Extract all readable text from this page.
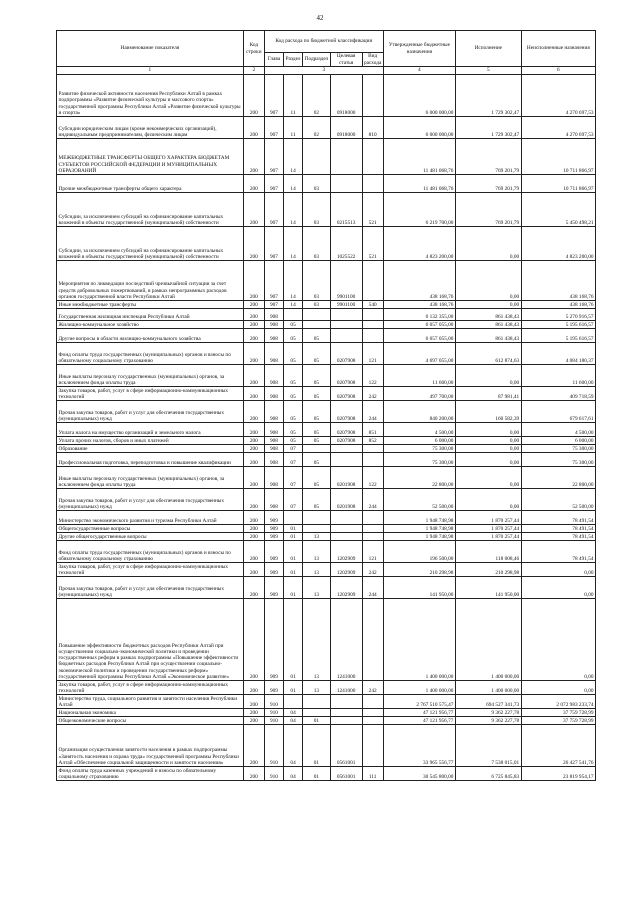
42
Наименование показателя	Код строки	Код расхода по бюджетной классификации					Утвержденные бюджетные назначения	Исполнение	Неисполненные назначения
		Глава	Раздел	Подраздел	Целевая статья	Вид расхода			
1	2	3					4	5	6
Развитие физической активности населения Республики Алтай в рамках подпрограммы «Развитие физической культуры и массового спорта» государственной программы Республики Алтай «Развитие физической культуры и спорта»	200	907	11	02	0918000		6 000 000,00	1 729 302,47	4 270 697,53
Субсидии юридическим лицам (кроме некоммерческих организаций), индивидуальным предпринимателям, физическим лицам	200	907	11	02	0918000	810	6 000 000,00	1 729 302,47	4 270 697,53
МЕЖБЮДЖЕТНЫЕ ТРАНСФЕРТЫ ОБЩЕГО ХАРАКТЕРА БЮДЖЕТАМ СУБЪЕКТОВ РОССИЙСКОЙ ФЕДЕРАЦИИ И МУНИЦИПАЛЬНЫХ ОБРАЗОВАНИЙ	200	907	14				11 481 068,76	769 201,79	10 711 866,97
Прочие межбюджетные трансферты общего характера	200	907	14	03			11 481 068,76	769 201,79	10 711 866,97
Субсидии, за исключением субсидий на софинансирование капитальных вложений в объекты государственной (муниципальной) собственности	200	907	14	03	0215513	521	6 219 700,00	769 201,79	5 450 498,21
Субсидии, за исключением субсидий на софинансирование капитальных вложений в объекты государственной (муниципальной) собственности	200	907	14	03	1025522	521	4 823 200,00	0,00	4 823 200,00
Мероприятия по ликвидации последствий чрезвычайной ситуации за счет средств добровольных пожертвований, в рамках непрограммных расходов органов государственной власти Республики Алтай	200	907	14	03	9901100		438 168,76	0,00	438 168,76
Иные межбюджетные трансферты	200	907	14	03	9901100	540	438 168,76	0,00	438 168,76
Государственная жилищная инспекция Республики Алтай	200	908					6 132 355,00	861 438,43	5 270 916,57
Жилищно-коммунальное хозяйство	200	908	05				6 057 055,00	861 438,43	5 195 616,57
Другие вопросы в области жилищно-коммунального хозяйства	200	908	05	05			6 057 055,00	861 438,43	5 195 616,57
Фонд оплаты труда государственных (муниципальных) органов и взносы по обязательному социальному страхованию	200	908	05	05	0207908	121	4 697 055,00	612 874,63	4 084 180,37
Иные выплаты персоналу государственных (муниципальных) органов, за исключением фонда оплаты труда	200	908	05	05	0207908	122	11 600,00	0,00	11 600,00
Закупка товаров, работ, услуг в сфере информационно-коммуникационных технологий	200	908	05	05	0207908	242	497 700,00	87 981,41	409 718,59
Прочая закупка товаров, работ и услуг для обеспечения государственных (муниципальных) нужд	200	908	05	05	0207908	244	840 200,00	160 582,39	679 617,61
Уплата налога на имущество организаций и земельного налога	200	908	05	05	0207908	851	4 500,00	0,00	4 500,00
Уплата прочих налогов, сборов и иных платежей	200	908	05	05	0207908	852	6 000,00	0,00	6 000,00
Образование	200	908	07				75 300,00	0,00	75 300,00
Профессиональная подготовка, переподготовка и повышение квалификации	200	908	07	05			75 300,00	0,00	75 300,00
Иные выплаты персоналу государственных (муниципальных) органов, за исключением фонда оплаты труда	200	908	07	05	0201908	122	22 800,00	0,00	22 800,00
Прочая закупка товаров, работ и услуг для обеспечения государственных (муниципальных) нужд	200	908	07	05	0201908	244	52 500,00	0,00	52 500,00
Министерство экономического развития и туризма Республики Алтай	200	909					1 948 748,98	1 870 257,44	78 491,54
Общегосударственные вопросы	200	909	01				1 948 748,98	1 870 257,44	78 491,54
Другие общегосударственные вопросы	200	909	01	13			1 948 748,98	1 870 257,44	78 491,54
Фонд оплаты труда государственных (муниципальных) органов и взносы по обязательному социальному страхованию	200	909	01	13	1202909	121	196 500,00	118 008,46	78 491,54
Закупка товаров, работ, услуг в сфере информационно-коммуникационных технологий	200	909	01	13	1202909	242	210 298,98	210 298,98	0,00
Прочая закупка товаров, работ и услуг для обеспечения государственных (муниципальных) нужд	200	909	01	13	1202909	244	141 950,00	141 950,00	0,00
Повышение эффективности бюджетных расходов Республики Алтай при осуществлении социально-экономической политики и проведении государственных реформ в рамках подпрограммы «Повышение эффективности бюджетных расходов Республики Алтай при осуществлении социально-экономической политики и проведении государственных реформ» государственной программы Республики Алтай «Экономическое развитие»	200	909	01	13	1241000		1 400 000,00	1 400 000,00	0,00
Закупка товаров, работ, услуг в сфере информационно-коммуникационных технологий	200	909	01	13	1241000	242	1 400 000,00	1 400 000,00	0,00
Министерство труда, социального развития и занятости населения Республики Алтай	200	910					2 767 510 575,47	694 527 341,73	2 072 983 233,74
Национальная экономика	200	910	04				47 121 956,77	9 362 227,78	37 759 728,99
Общеэкономические вопросы	200	910	04	01			47 121 956,77	9 362 227,78	37 759 728,99
Организация осуществления занятости населения в рамках подпрограммы «Занятость населения и охрана труда» государственной программы Республики Алтай «Обеспечение социальной защищенности и занятости населения»	200	910	04	01	0561001		33 965 556,77	7 538 015,01	26 427 541,76
Фонд оплаты труда казенных учреждений и взносы по обязательному социальному страхованию	200	910	04	01	0561001	111	30 545 800,00	6 725 845,83	23 819 954,17
